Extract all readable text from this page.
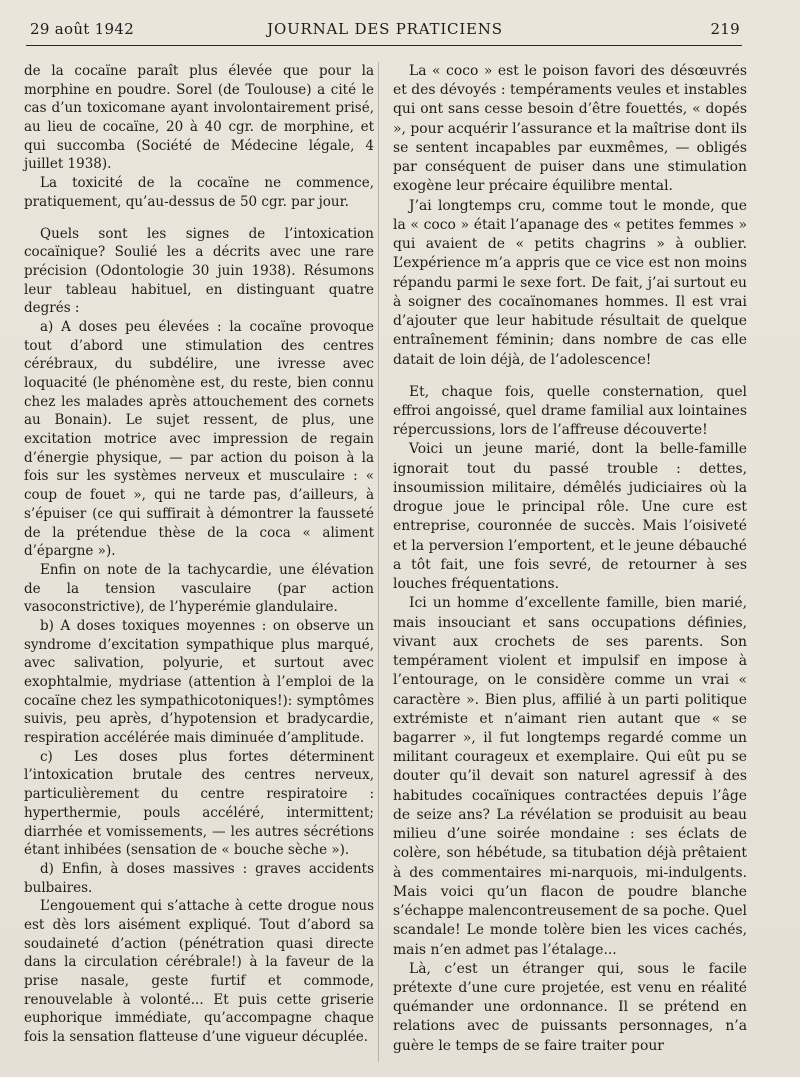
29 août 1942	JOURNAL DES PRATICIENS	219

de la cocaïne paraît plus élevée que pour la morphine en poudre. Sorel (de Toulouse) a cité le cas d’un toxicomane ayant involontairement prisé, au lieu de cocaïne, 20 à 40 cgr. de morphine, et qui succomba (Société de Médecine légale, 4 juillet 1938).

La toxicité de la cocaïne ne commence, pratiquement, qu’au-dessus de 50 cgr. par jour.

Quels sont les signes de l’intoxication cocaïnique? Soulié les a décrits avec une rare précision (Odontologie 30 juin 1938). Résumons leur tableau habituel, en distinguant quatre degrés :

a) A doses peu élevées : la cocaïne provoque tout d’abord une stimulation des centres cérébraux, du subdélire, une ivresse avec loquacité (le phénomène est, du reste, bien connu chez les malades après attouchement des cornets au Bonain). Le sujet ressent, de plus, une excitation motrice avec impression de regain d’énergie physique, — par action du poison à la fois sur les systèmes nerveux et musculaire : « coup de fouet », qui ne tarde pas, d’ailleurs, à s’épuiser (ce qui suffirait à démontrer la fausseté de la prétendue thèse de la coca « aliment d’épargne »).

Enfin on note de la tachycardie, une élévation de la tension vasculaire (par action vasoconstrictive), de l’hyperémie glandulaire.

b) A doses toxiques moyennes : on observe un syndrome d’excitation sympathique plus marqué, avec salivation, polyurie, et surtout avec exophtalmie, mydriase (attention à l’emploi de la cocaïne chez les sympathicotoniques!): symptômes suivis, peu après, d’hypotension et bradycardie, respiration accélérée mais diminuée d’amplitude.

c) Les doses plus fortes déterminent l’intoxication brutale des centres nerveux, particulièrement du centre respiratoire : hyperthermie, pouls accéléré, intermittent; diarrhée et vomissements, — les autres sécrétions étant inhibées (sensation de « bouche sèche »).

d) Enfin, à doses massives : graves accidents bulbaires.

L’engouement qui s’attache à cette drogue nous est dès lors aisément expliqué. Tout d’abord sa soudaineté d’action (pénétration quasi directe dans la circulation cérébrale!) à la faveur de la prise nasale, geste furtif et commode, renouvelable à volonté... Et puis cette griserie euphorique immédiate, qu’accompagne chaque fois la sensation flatteuse d’une vigueur décuplée.

La « coco » est le poison favori des désœuvrés et des dévoyés : tempéraments veules et instables qui ont sans cesse besoin d’être fouettés, « dopés », pour acquérir l’assurance et la maîtrise dont ils se sentent incapables par euxmêmes, — obligés par conséquent de puiser dans une stimulation exogène leur précaire équilibre mental.

J’ai longtemps cru, comme tout le monde, que la « coco » était l’apanage des « petites femmes » qui avaient de « petits chagrins » à oublier. L’expérience m’a appris que ce vice est non moins répandu parmi le sexe fort. De fait, j’ai surtout eu à soigner des cocaïnomanes hommes. Il est vrai d’ajouter que leur habitude résultait de quelque entraînement féminin; dans nombre de cas elle datait de loin déjà, de l’adolescence!

Et, chaque fois, quelle consternation, quel effroi angoissé, quel drame familial aux lointaines répercussions, lors de l’affreuse découverte!

Voici un jeune marié, dont la belle-famille ignorait tout du passé trouble : dettes, insoumission militaire, démêlés judiciaires où la drogue joue le principal rôle. Une cure est entreprise, couronnée de succès. Mais l’oisiveté et la perversion l’emportent, et le jeune débauché a tôt fait, une fois sevré, de retourner à ses louches fréquentations.

Ici un homme d’excellente famille, bien marié, mais insouciant et sans occupations définies, vivant aux crochets de ses parents. Son tempérament violent et impulsif en impose à l’entourage, on le considère comme un vrai « caractère ». Bien plus, affilié à un parti politique extrémiste et n’aimant rien autant que « se bagarrer », il fut longtemps regardé comme un militant courageux et exemplaire. Qui eût pu se douter qu’il devait son naturel agressif à des habitudes cocaïniques contractées depuis l’âge de seize ans? La révélation se produisit au beau milieu d’une soirée mondaine : ses éclats de colère, son hébétude, sa titubation déjà prêtaient à des commentaires mi-narquois, mi-indulgents. Mais voici qu’un flacon de poudre blanche s’échappe malencontreusement de sa poche. Quel scandale! Le monde tolère bien les vices cachés, mais n’en admet pas l’étalage...

Là, c’est un étranger qui, sous le facile prétexte d’une cure projetée, est venu en réalité quémander une ordonnance. Il se prétend en relations avec de puissants personnages, n’a guère le temps de se faire traiter pour
